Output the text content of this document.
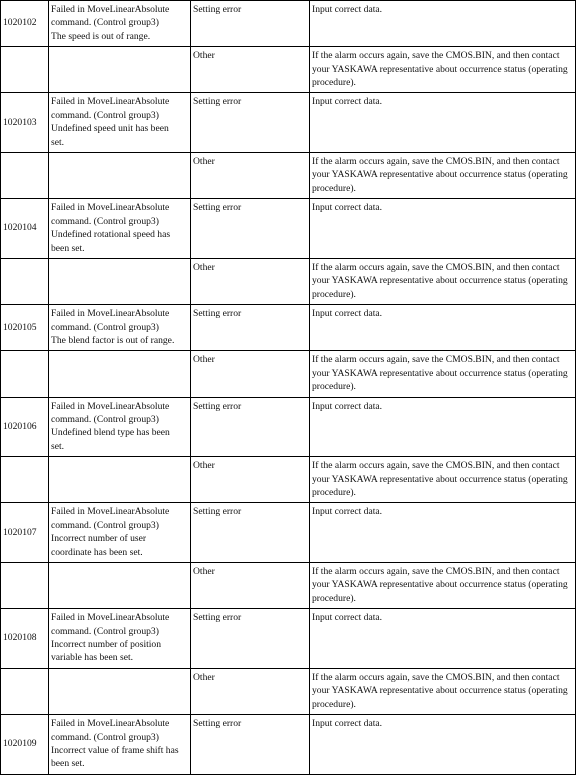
1020102	Failed in MoveLinearAbsolute
command. (Control group3)
The speed is out of range.	Setting error	Input correct data.
		Other	If the alarm occurs again, save the CMOS.BIN, and then contact your YASKAWA representative about occurrence status (operating procedure).
1020103	Failed in MoveLinearAbsolute
command. (Control group3)
Undefined speed unit has been
set.	Setting error	Input correct data.
		Other	If the alarm occurs again, save the CMOS.BIN, and then contact your YASKAWA representative about occurrence status (operating procedure).
1020104	Failed in MoveLinearAbsolute
command. (Control group3)
Undefined rotational speed has
been set.	Setting error	Input correct data.
		Other	If the alarm occurs again, save the CMOS.BIN, and then contact your YASKAWA representative about occurrence status (operating procedure).
1020105	Failed in MoveLinearAbsolute
command. (Control group3)
The blend factor is out of range.	Setting error	Input correct data.
		Other	If the alarm occurs again, save the CMOS.BIN, and then contact your YASKAWA representative about occurrence status (operating procedure).
1020106	Failed in MoveLinearAbsolute
command. (Control group3)
Undefined blend type has been
set.	Setting error	Input correct data.
		Other	If the alarm occurs again, save the CMOS.BIN, and then contact your YASKAWA representative about occurrence status (operating procedure).
1020107	Failed in MoveLinearAbsolute
command. (Control group3)
Incorrect number of user
coordinate has been set.	Setting error	Input correct data.
		Other	If the alarm occurs again, save the CMOS.BIN, and then contact your YASKAWA representative about occurrence status (operating procedure).
1020108	Failed in MoveLinearAbsolute
command. (Control group3)
Incorrect number of position
variable has been set.	Setting error	Input correct data.
		Other	If the alarm occurs again, save the CMOS.BIN, and then contact your YASKAWA representative about occurrence status (operating procedure).
1020109	Failed in MoveLinearAbsolute
command. (Control group3)
Incorrect value of frame shift has
been set.	Setting error	Input correct data.
